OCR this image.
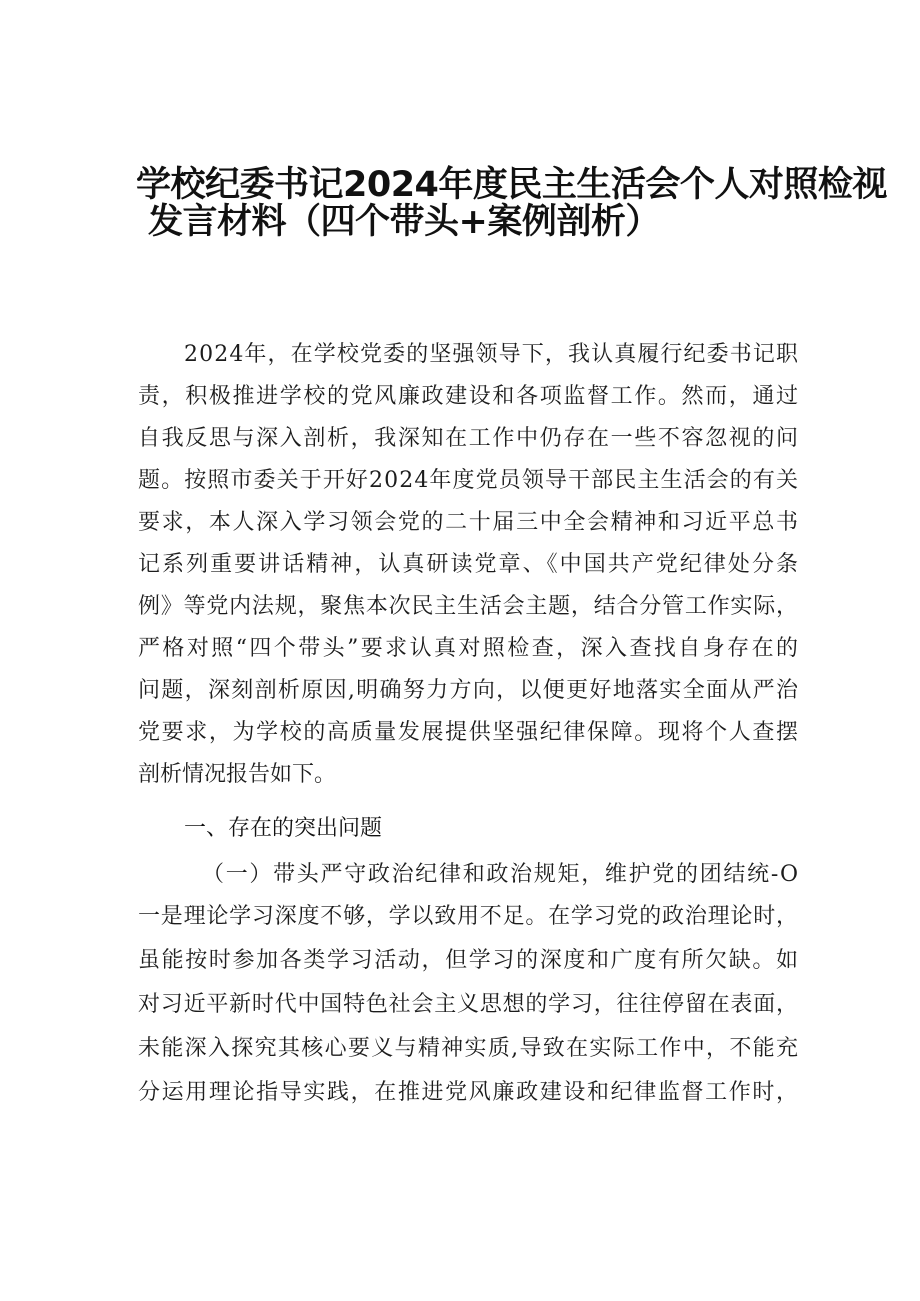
学校纪委书记2024年度民主生活会个人对照检视
发言材料（四个带头+案例剖析）
2024年，在学校党委的坚强领导下，我认真履行纪委书记职
责，积极推进学校的党风廉政建设和各项监督工作。然而，通过
自我反思与深入剖析，我深知在工作中仍存在一些不容忽视的问
题。按照市委关于开好2024年度党员领导干部民主生活会的有关
要求，本人深入学习领会党的二十届三中全会精神和习近平总书
记系列重要讲话精神，认真研读党章、《中国共产党纪律处分条
例》等党内法规，聚焦本次民主生活会主题，结合分管工作实际，
严格对照“四个带头”要求认真对照检查，深入查找自身存在的
问题，深刻剖析原因,明确努力方向，以便更好地落实全面从严治
党要求，为学校的高质量发展提供坚强纪律保障。现将个人查摆
剖析情况报告如下。
一、存在的突出问题
（一）带头严守政治纪律和政治规矩，维护党的团结统-O
一是理论学习深度不够，学以致用不足。在学习党的政治理论时，
虽能按时参加各类学习活动，但学习的深度和广度有所欠缺。如
对习近平新时代中国特色社会主义思想的学习，往往停留在表面，
未能深入探究其核心要义与精神实质,导致在实际工作中，不能充
分运用理论指导实践，在推进党风廉政建设和纪律监督工作时，
